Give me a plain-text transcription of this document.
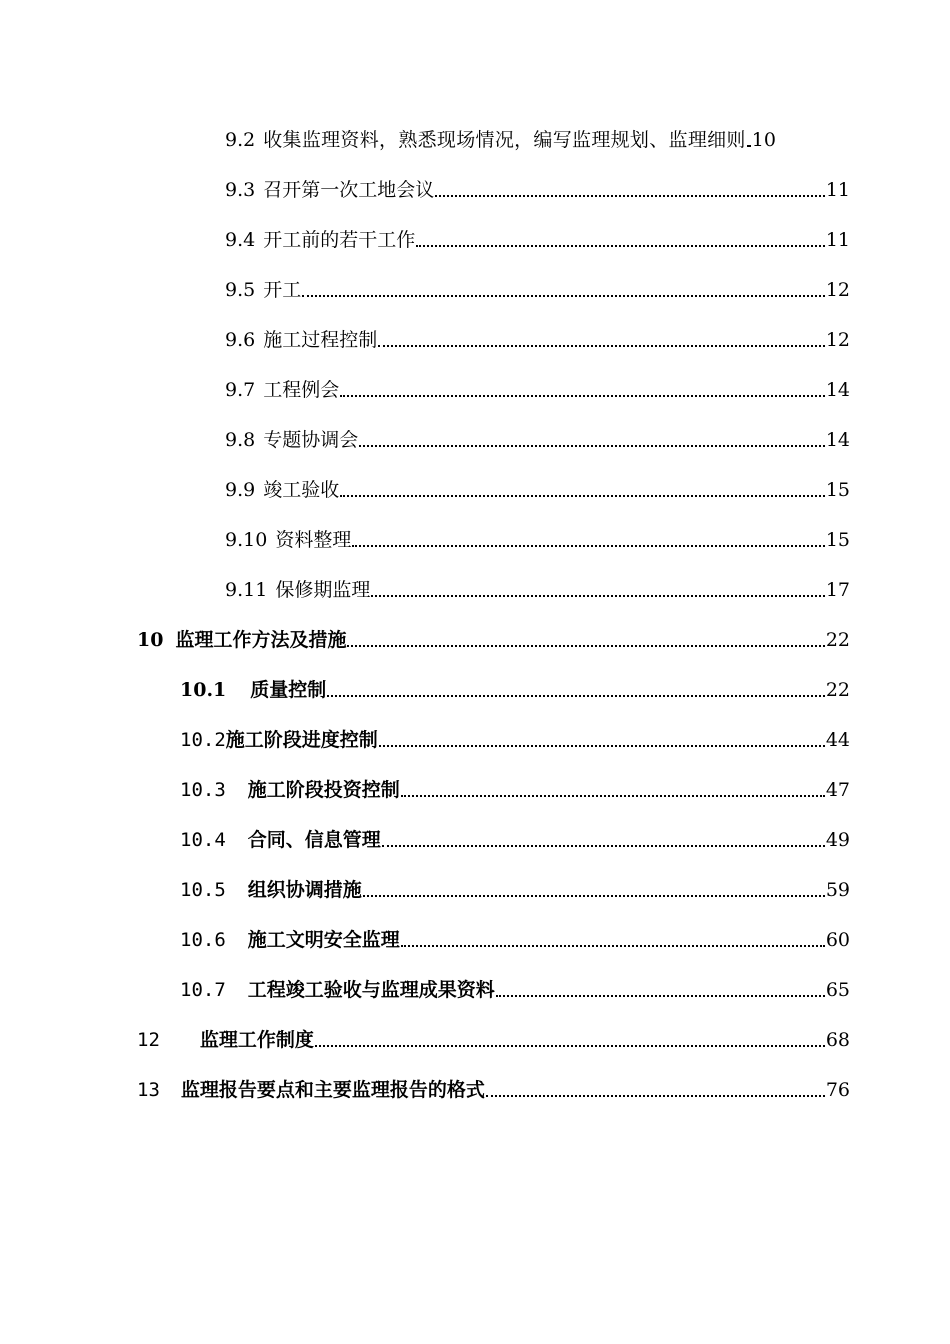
9.2 收集监理资料，熟悉现场情况，编写监理规划、监理细则 10
9.3 召开第一次工地会议	11
9.4 开工前的若干工作	11
9.5 开工	12
9.6 施工过程控制	12
9.7 工程例会	14
9.8 专题协调会	14
9.9 竣工验收	15
9.10 资料整理	15
9.11 保修期监理	17
10 监理工作方法及措施	22
10.1 质量控制	22
10.2 施工阶段进度控制	44
10.3 施工阶段投资控制	47
10.4 合同、信息管理	49
10.5 组织协调措施	59
10.6 施工文明安全监理	60
10.7 工程竣工验收与监理成果资料	65
12 监理工作制度	68
13 监理报告要点和主要监理报告的格式	76
